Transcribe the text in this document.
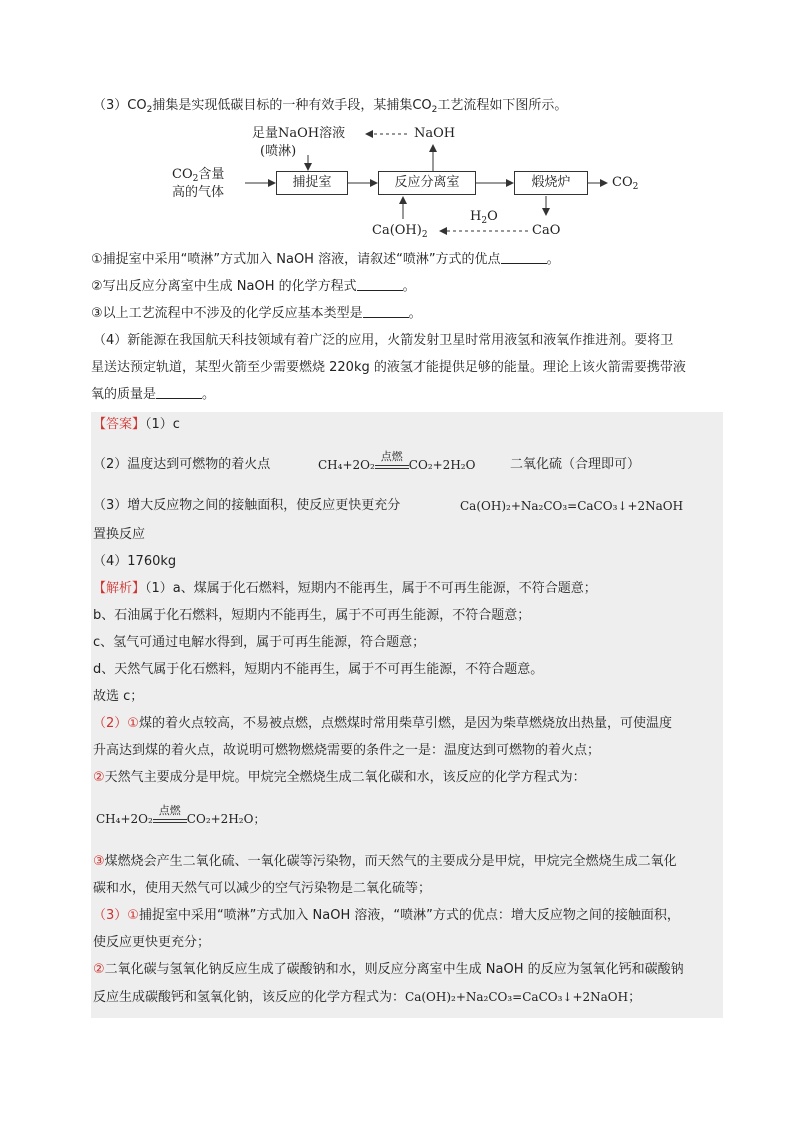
$(3)CO_2$捕集是实现低碳目标的一种有效手段，某捕集$CO_2$工艺流程如下图所示。
$CO_2$含量
高的气体
足量NaOH溶液
(喷淋)
NaOH
捕捉室	反应分离室	煅烧炉	$CO_2$
$Ca(OH)_2$
$H_2O$
CaO
①捕捉室中采用“喷淋”方式加入 NaOH 溶液，请叙述“喷淋”方式的优点	。
②写出反应分离室中生成 NaOH 的化学方程式	。
③以上工艺流程中不涉及的化学反应基本类型是	。
（4）新能源在我国航天科技领域有着广泛的应用，火箭发射卫星时常用液氢和液氧作推进剂。要将卫
星送达预定轨道，某型火箭至少需要燃烧 220kg 的液氢才能提供足够的能量。理论上该火箭需要携带液
氧的质量是	。
【答案】（1）c
（2）温度达到可燃物的着火点	CH₄+2O₂
点燃
CO₂+2H₂O	二氧化硫（合理即可）
（3）增大反应物之间的接触面积，使反应更快更充分	Ca(OH)₂+Na₂CO₃=CaCO₃↓+2NaOH
置换反应
（4）1760kg
【解析】（1）a、煤属于化石燃料，短期内不能再生，属于不可再生能源，不符合题意；
b、石油属于化石燃料，短期内不能再生，属于不可再生能源，不符合题意；
c、氢气可通过电解水得到，属于可再生能源，符合题意；
d、天然气属于化石燃料，短期内不能再生，属于不可再生能源，不符合题意。
故选 c；
（2）①煤的着火点较高，不易被点燃，点燃煤时常用柴草引燃，是因为柴草燃烧放出热量，可使温度
升高达到煤的着火点，故说明可燃物燃烧需要的条件之一是：温度达到可燃物的着火点；
②天然气主要成分是甲烷。甲烷完全燃烧生成二氧化碳和水，该反应的化学方程式为：
CH₄+2O₂
点燃
CO₂+2H₂O；
③煤燃烧会产生二氧化硫、一氧化碳等污染物，而天然气的主要成分是甲烷，甲烷完全燃烧生成二氧化
碳和水，使用天然气可以减少的空气污染物是二氧化硫等；
（3）①捕捉室中采用“喷淋”方式加入 NaOH 溶液，“喷淋”方式的优点：增大反应物之间的接触面积，
使反应更快更充分；
②二氧化碳与氢氧化钠反应生成了碳酸钠和水，则反应分离室中生成 NaOH 的反应为氢氧化钙和碳酸钠
反应生成碳酸钙和氢氧化钠，该反应的化学方程式为：Ca(OH)₂+Na₂CO₃=CaCO₃↓+2NaOH；
